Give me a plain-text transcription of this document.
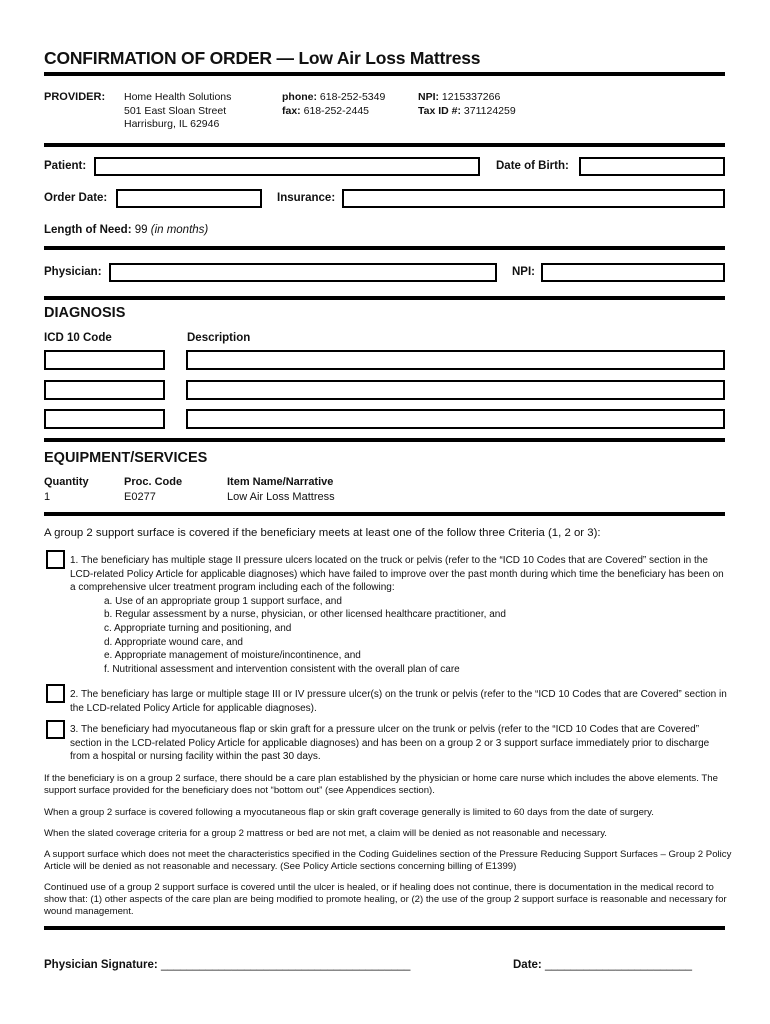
CONFIRMATION OF ORDER — Low Air Loss Mattress
PROVIDER: Home Health Solutions
501 East Sloan Street
Harrisburg, IL 62946
phone: 618-252-5349
fax: 618-252-2445
NPI: 1215337266
Tax ID #: 371124259
Patient:	Date of Birth:
Order Date:	Insurance:
Length of Need: 99 (in months)
Physician:	NPI:
DIAGNOSIS
ICD 10 Code	Description
EQUIPMENT/SERVICES
Quantity	Proc. Code	Item Name/Narrative
1	E0277	Low Air Loss Mattress
A group 2 support surface is covered if the beneficiary meets at least one of the follow three Criteria (1, 2 or 3):
1. The beneficiary has multiple stage II pressure ulcers located on the truck or pelvis (refer to the “ICD 10 Codes that are Covered” section in the LCD-related Policy Article for applicable diagnoses) which have failed to improve over the past month during which time the beneficiary has been on a comprehensive ulcer treatment program including each of the following:
a. Use of an appropriate group 1 support surface, and
b. Regular assessment by a nurse, physician, or other licensed healthcare practitioner, and
c. Appropriate turning and positioning, and
d. Appropriate wound care, and
e. Appropriate management of moisture/incontinence, and
f. Nutritional assessment and intervention consistent with the overall plan of care
2. The beneficiary has large or multiple stage III or IV pressure ulcer(s) on the trunk or pelvis (refer to the “ICD 10 Codes that are Covered” section in the LCD-related Policy Article for applicable diagnoses).
3. The beneficiary had myocutaneous flap or skin graft for a pressure ulcer on the trunk or pelvis (refer to the “ICD 10 Codes that are Covered” section in the LCD-related Policy Article for applicable diagnoses) and has been on a group 2 or 3 support surface immediately prior to discharge from a hospital or nursing facility within the past 30 days.
If the beneficiary is on a group 2 surface, there should be a care plan established by the physician or home care nurse which includes the above elements. The support surface provided for the beneficiary does not “bottom out” (see Appendices section).
When a group 2 surface is covered following a myocutaneous flap or skin graft coverage generally is limited to 60 days from the date of surgery.
When the slated coverage criteria for a group 2 mattress or bed are not met, a claim will be denied as not reasonable and necessary.
A support surface which does not meet the characteristics specified in the Coding Guidelines section of the Pressure Reducing Support Surfaces – Group 2 Policy Article will be denied as not reasonable and necessary. (See Policy Article sections concerning billing of E1399)
Continued use of a group 2 support surface is covered until the ulcer is healed, or if healing does not continue, there is documentation in the medical record to show that: (1) other aspects of the care plan are being modified to promote healing, or (2) the use of the group 2 support surface is reasonable and necessary for wound management.
Physician Signature: _______________________________________	Date: _______________________
